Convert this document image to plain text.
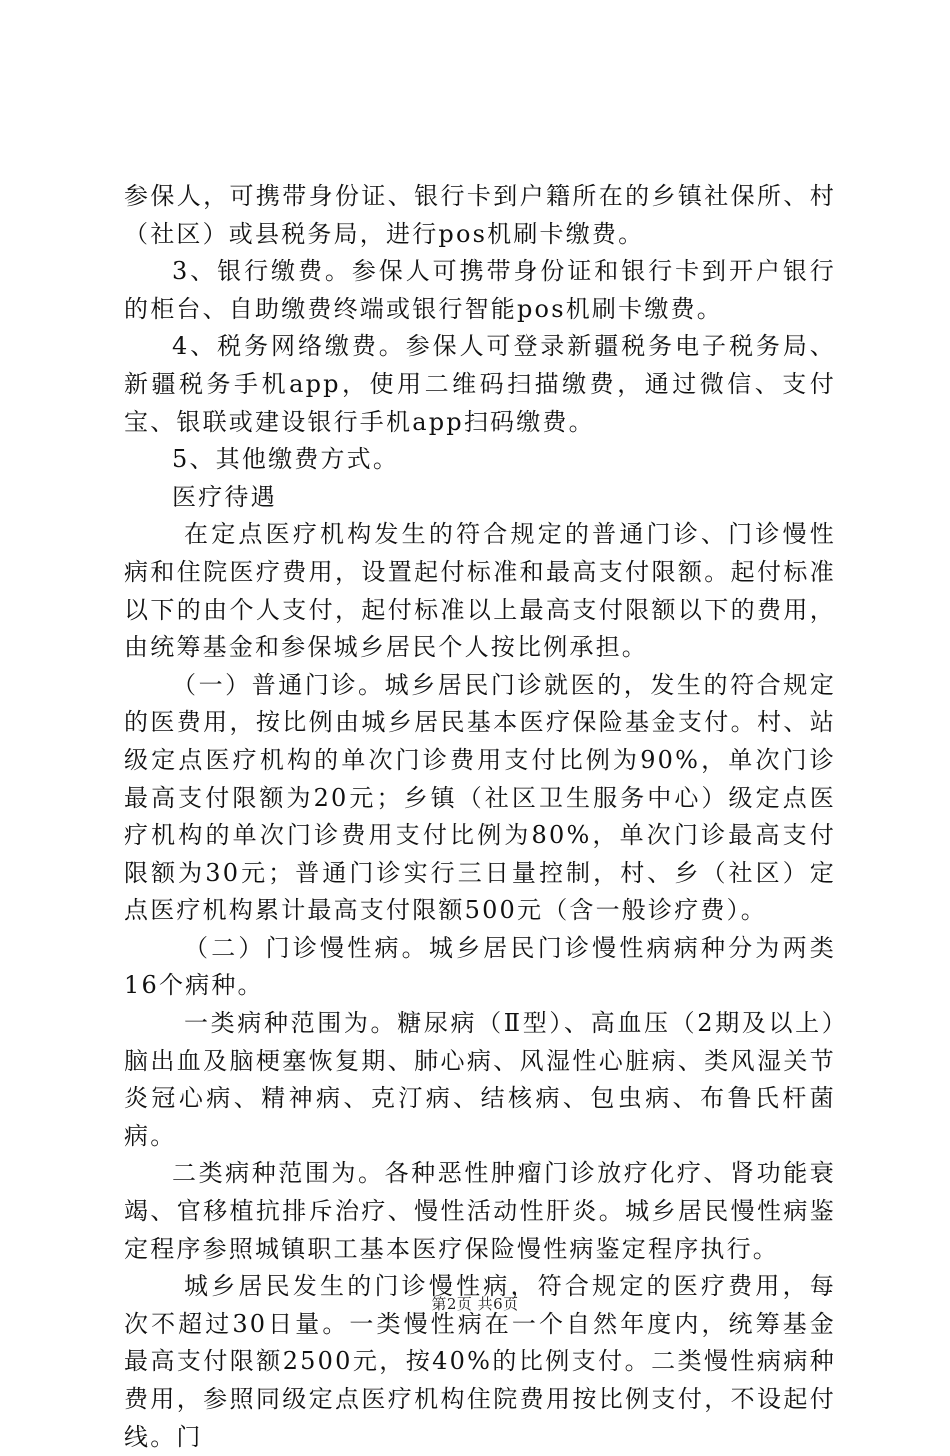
参保人，可携带身份证、银行卡到户籍所在的乡镇社保所、村（社区）或县税务局，进行pos机刷卡缴费。

3、银行缴费。参保人可携带身份证和银行卡到开户银行的柜台、自助缴费终端或银行智能pos机刷卡缴费。

4、税务网络缴费。参保人可登录新疆税务电子税务局、新疆税务手机app，使用二维码扫描缴费，通过微信、支付宝、银联或建设银行手机app扫码缴费。

5、其他缴费方式。

医疗待遇

在定点医疗机构发生的符合规定的普通门诊、门诊慢性病和住院医疗费用，设置起付标准和最高支付限额。起付标准以下的由个人支付，起付标准以上最高支付限额以下的费用，由统筹基金和参保城乡居民个人按比例承担。

（一）普通门诊。城乡居民门诊就医的，发生的符合规定的医费用，按比例由城乡居民基本医疗保险基金支付。村、站级定点医疗机构的单次门诊费用支付比例为90%，单次门诊最高支付限额为20元；乡镇（社区卫生服务中心）级定点医疗机构的单次门诊费用支付比例为80%，单次门诊最高支付限额为30元；普通门诊实行三日量控制，村、乡（社区）定点医疗机构累计最高支付限额500元（含一般诊疗费）。

（二）门诊慢性病。城乡居民门诊慢性病病种分为两类16个病种。

一类病种范围为。糖尿病（Ⅱ型）、高血压（2期及以上）脑出血及脑梗塞恢复期、肺心病、风湿性心脏病、类风湿关节炎冠心病、精神病、克汀病、结核病、包虫病、布鲁氏杆菌病。

二类病种范围为。各种恶性肿瘤门诊放疗化疗、肾功能衰竭、官移植抗排斥治疗、慢性活动性肝炎。城乡居民慢性病鉴定程序参照城镇职工基本医疗保险慢性病鉴定程序执行。

城乡居民发生的门诊慢性病，符合规定的医疗费用，每次不超过30日量。一类慢性病在一个自然年度内，统筹基金最高支付限额2500元，按40%的比例支付。二类慢性病病种费用，参照同级定点医疗机构住院费用按比例支付，不设起付线。门

第2页 共6页
